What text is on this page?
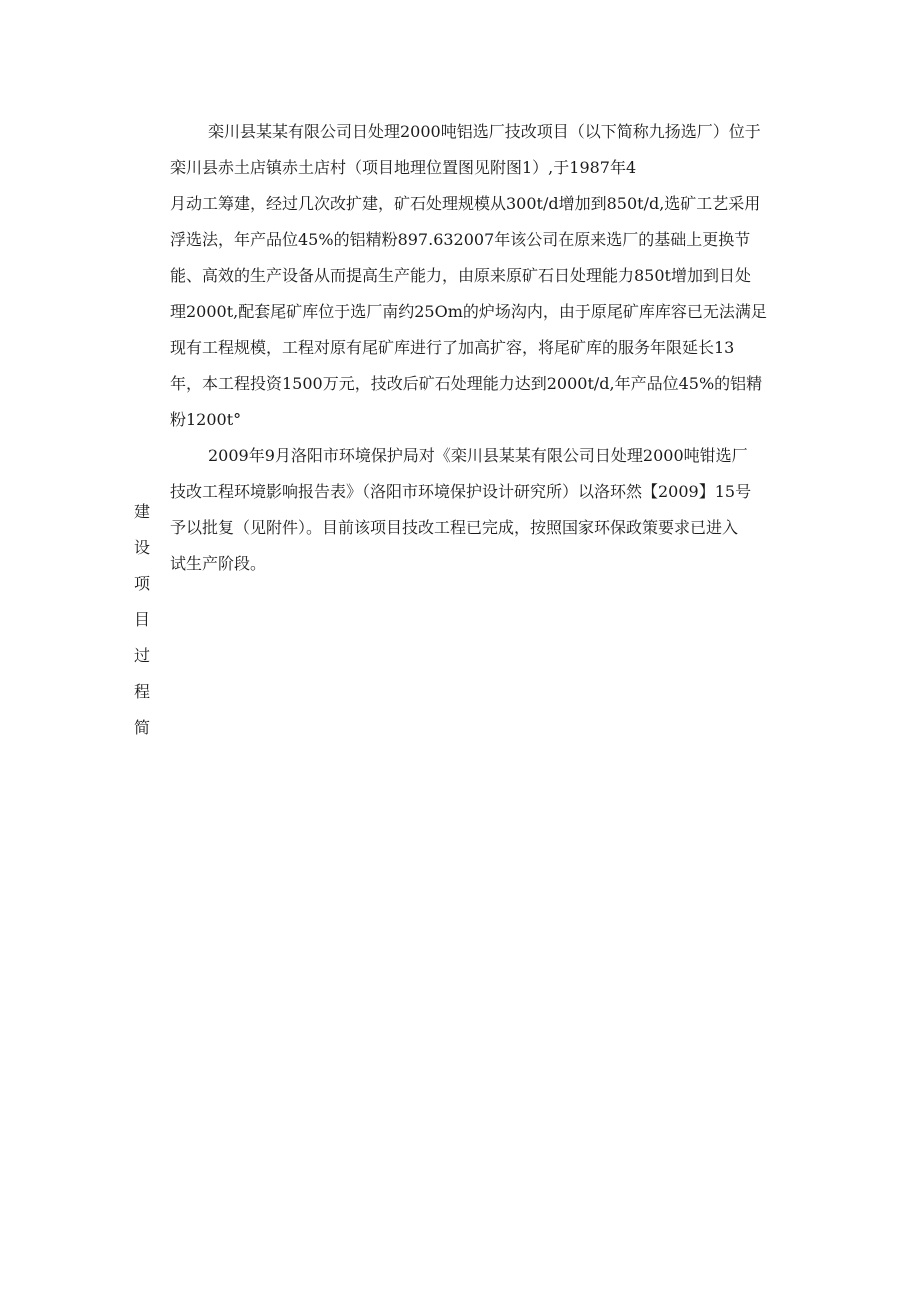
建
设
项
目
过
程
简
栾川县某某有限公司日处理2000吨铝选厂技改项目（以下简称九扬选厂）位于
栾川县赤土店镇赤土店村（项目地理位置图见附图1）,于1987年4
月动工筹建，经过几次改扩建，矿石处理规模从300t∕d增加到850t∕d,选矿工艺采用
浮选法，年产品位45%的铝精粉897.632007年该公司在原来选厂的基础上更换节
能、高效的生产设备从而提高生产能力，由原来原矿石日处理能力850t增加到日处
理2000t,配套尾矿库位于选厂南约25Om的炉场沟内，由于原尾矿库库容已无法满足
现有工程规模，工程对原有尾矿库进行了加高扩容，将尾矿库的服务年限延长13
年，本工程投资1500万元，技改后矿石处理能力达到2000t∕d,年产品位45%的铝精
粉1200t°
2009年9月洛阳市环境保护局对《栾川县某某有限公司日处理2000吨钳选厂
技改工程环境影响报告表》（洛阳市环境保护设计研究所）以洛环然【2009】15号
予以批复（见附件）。目前该项目技改工程已完成，按照国家环保政策要求已进入
试生产阶段。
